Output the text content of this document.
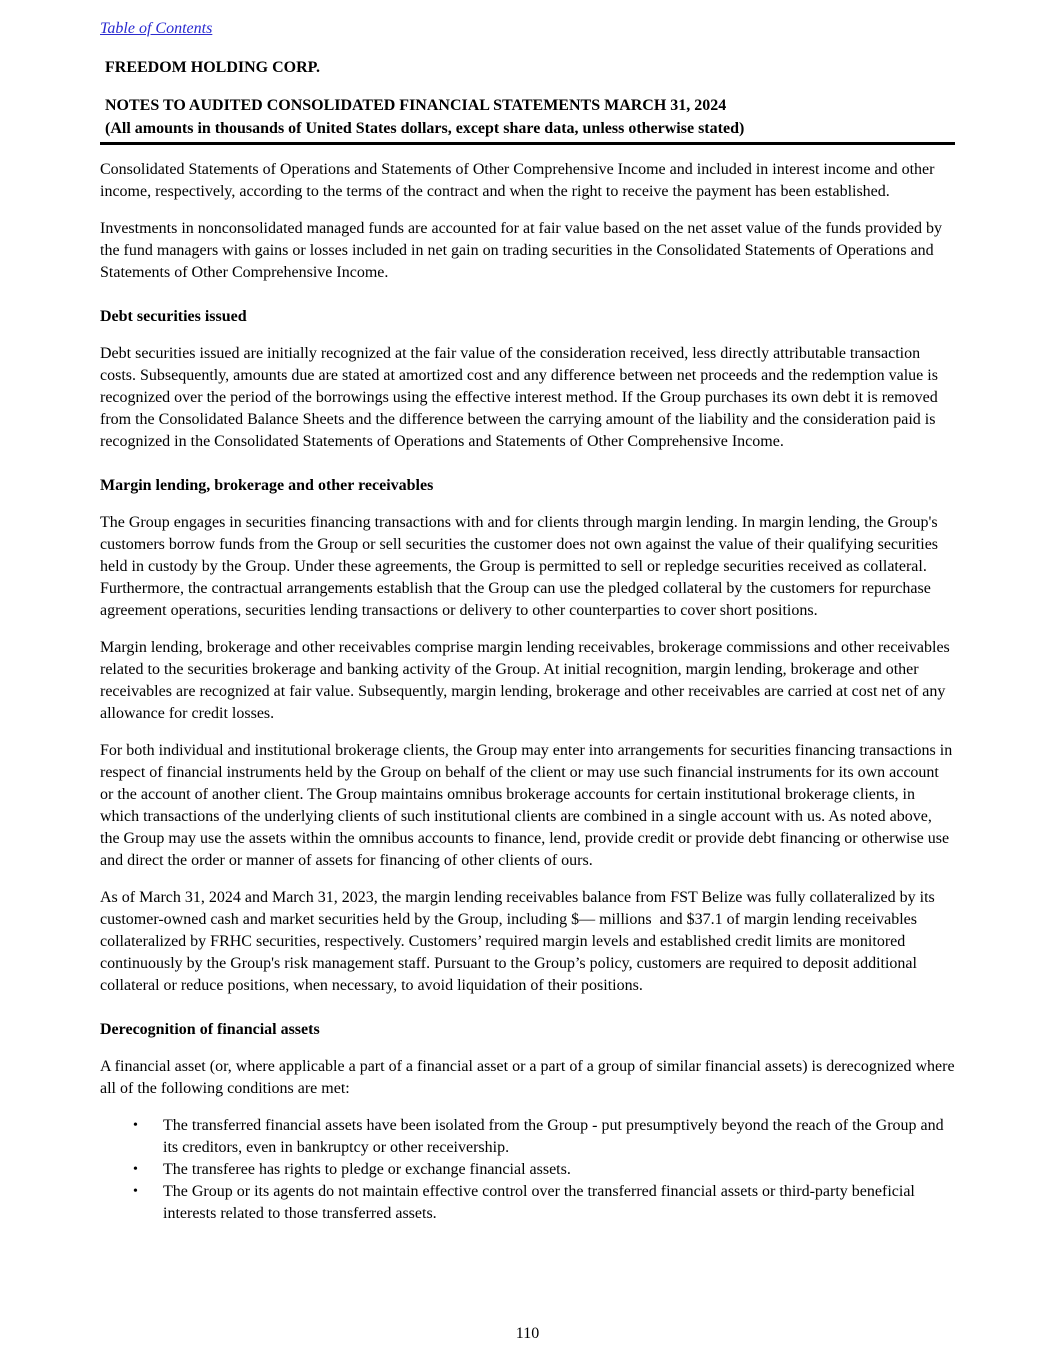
Table of Contents
FREEDOM HOLDING CORP.
NOTES TO AUDITED CONSOLIDATED FINANCIAL STATEMENTS MARCH 31, 2024
(All amounts in thousands of United States dollars, except share data, unless otherwise stated)

Consolidated Statements of Operations and Statements of Other Comprehensive Income and included in interest income and other income, respectively, according to the terms of the contract and when the right to receive the payment has been established.

Investments in nonconsolidated managed funds are accounted for at fair value based on the net asset value of the funds provided by the fund managers with gains or losses included in net gain on trading securities in the Consolidated Statements of Operations and Statements of Other Comprehensive Income.

Debt securities issued

Debt securities issued are initially recognized at the fair value of the consideration received, less directly attributable transaction costs. Subsequently, amounts due are stated at amortized cost and any difference between net proceeds and the redemption value is recognized over the period of the borrowings using the effective interest method. If the Group purchases its own debt it is removed from the Consolidated Balance Sheets and the difference between the carrying amount of the liability and the consideration paid is recognized in the Consolidated Statements of Operations and Statements of Other Comprehensive Income.

Margin lending, brokerage and other receivables

The Group engages in securities financing transactions with and for clients through margin lending. In margin lending, the Group's customers borrow funds from the Group or sell securities the customer does not own against the value of their qualifying securities held in custody by the Group. Under these agreements, the Group is permitted to sell or repledge securities received as collateral. Furthermore, the contractual arrangements establish that the Group can use the pledged collateral by the customers for repurchase agreement operations, securities lending transactions or delivery to other counterparties to cover short positions.

Margin lending, brokerage and other receivables comprise margin lending receivables, brokerage commissions and other receivables related to the securities brokerage and banking activity of the Group. At initial recognition, margin lending, brokerage and other receivables are recognized at fair value. Subsequently, margin lending, brokerage and other receivables are carried at cost net of any allowance for credit losses.

For both individual and institutional brokerage clients, the Group may enter into arrangements for securities financing transactions in respect of financial instruments held by the Group on behalf of the client or may use such financial instruments for its own account or the account of another client. The Group maintains omnibus brokerage accounts for certain institutional brokerage clients, in which transactions of the underlying clients of such institutional clients are combined in a single account with us. As noted above, the Group may use the assets within the omnibus accounts to finance, lend, provide credit or provide debt financing or otherwise use and direct the order or manner of assets for financing of other clients of ours.

As of March 31, 2024 and March 31, 2023, the margin lending receivables balance from FST Belize was fully collateralized by its customer-owned cash and market securities held by the Group, including $— millions  and $37.1 of margin lending receivables collateralized by FRHC securities, respectively. Customers’ required margin levels and established credit limits are monitored continuously by the Group's risk management staff. Pursuant to the Group’s policy, customers are required to deposit additional collateral or reduce positions, when necessary, to avoid liquidation of their positions.

Derecognition of financial assets

A financial asset (or, where applicable a part of a financial asset or a part of a group of similar financial assets) is derecognized where all of the following conditions are met:

• The transferred financial assets have been isolated from the Group - put presumptively beyond the reach of the Group and its creditors, even in bankruptcy or other receivership.
• The transferee has rights to pledge or exchange financial assets.
• The Group or its agents do not maintain effective control over the transferred financial assets or third-party beneficial interests related to those transferred assets.
110
